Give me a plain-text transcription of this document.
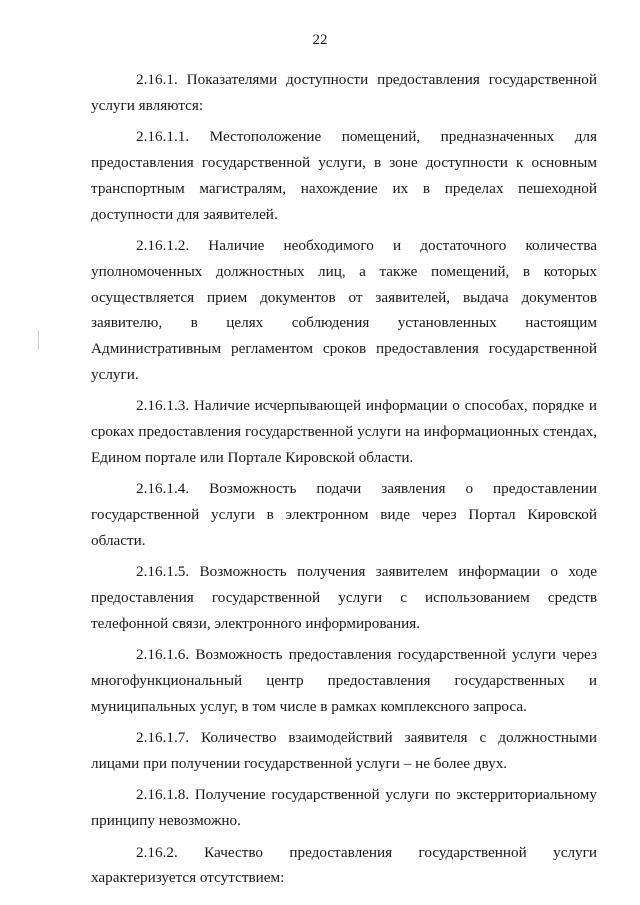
22

2.16.1. Показателями доступности предоставления государственной услуги являются:

2.16.1.1. Местоположение помещений, предназначенных для предоставления государственной услуги, в зоне доступности к основным транспортным магистралям, нахождение их в пределах пешеходной доступности для заявителей.

2.16.1.2. Наличие необходимого и достаточного количества уполномоченных должностных лиц, а также помещений, в которых осуществляется прием документов от заявителей, выдача документов заявителю, в целях соблюдения установленных настоящим Административным регламентом сроков предоставления государственной услуги.

2.16.1.3. Наличие исчерпывающей информации о способах, порядке и сроках предоставления государственной услуги на информационных стендах, Едином портале или Портале Кировской области.

2.16.1.4. Возможность подачи заявления о предоставлении государственной услуги в электронном виде через Портал Кировской области.

2.16.1.5. Возможность получения заявителем информации о ходе предоставления государственной услуги с использованием средств телефонной связи, электронного информирования.

2.16.1.6. Возможность предоставления государственной услуги через многофункциональный центр предоставления государственных и муниципальных услуг, в том числе в рамках комплексного запроса.

2.16.1.7. Количество взаимодействий заявителя с должностными лицами при получении государственной услуги – не более двух.

2.16.1.8. Получение государственной услуги по экстерриториальному принципу невозможно.

2.16.2. Качество предоставления государственной услуги характеризуется отсутствием:
